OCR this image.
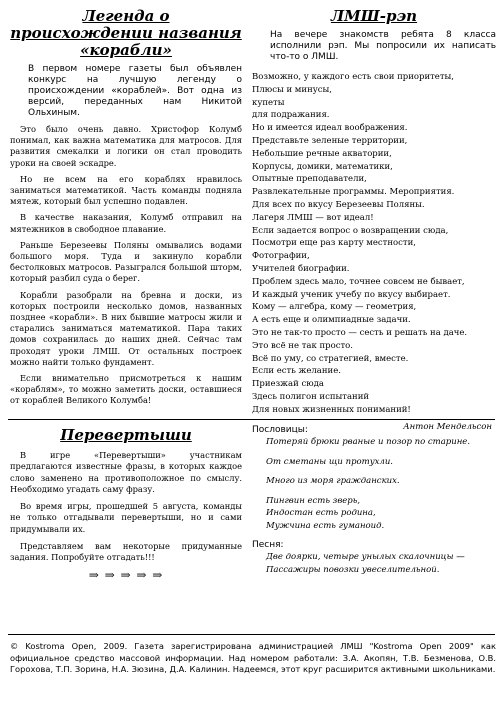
Легенда о происхождении названия «корабли»

В первом номере газеты был объявлен конкурс на лучшую легенду о происхождении «кораблей». Вот одна из версий, переданных нам Никитой Ольхиным.

Это было очень давно. Христофор Колумб понимал, как важна математика для матросов. Для развития смекалки и логики он стал проводить уроки на своей эскадре.

Но не всем на его кораблях нравилось заниматься математикой. Часть команды подняла мятеж, который был успешно подавлен.

В качестве наказания, Колумб отправил на мятежников в свободное плавание.

Раньше Березеевы Поляны омывались водами большого моря. Туда и закинуло корабли бестолковых матросов. Разыгрался большой шторм, который разбил суда о берег.

Корабли разобрали на бревна и доски, из которых построили несколько домов, названных позднее «корабли». В них бывшие матросы жили и старались заниматься математикой. Пара таких домов сохранилась до наших дней. Сейчас там проходят уроки ЛМШ. От остальных построек можно найти только фундамент.

Если внимательно присмотреться к нашим «кораблям», то можно заметить доски, оставшиеся от кораблей Великого Колумба!

ЛМШ-рэп

На вечере знакомств ребята 8 класса исполнили рэп. Мы попросили их написать что-то о ЛМШ.

Возможно, у каждого есть свои приоритеты,
Плюсы и минусы,
купеты
для подражания.
Но и имеется идеал воображения.
Представьте зеленые территории,
Небольшие речные акватории,
Корпусы, домики, математики,
Опытные преподаватели,
Развлекательные программы. Мероприятия.
Для всех по вкусу Березеевы Поляны.
Лагеря ЛМШ — вот идеал!
Если задается вопрос о возвращении сюда,
Посмотри еще раз карту местности,
Фотографии,
Учителей биографии.
Проблем здесь мало, точнее совсем не бывает,
И каждый ученик учебу по вкусу выбирает.
Кому — алгебра, кому — геометрия,
А есть еще и олимпиадные задачи.
Это не так-то просто — сесть и решать на даче.
Это всё не так просто.
Всё по уму, со стратегией, вместе.
Если есть желание.
Приезжай сюда
Здесь полигон испытаний
Для новых жизненных пониманий!

Антон Мендельсон

Перевертыши

В игре «Перевертыши» участникам предлагаются известные фразы, в которых каждое слово заменено на противоположное по смыслу. Необходимо угадать саму фразу.

Во время игры, прошедшей 5 августа, команды не только отгадывали перевертыши, но и сами придумывали их.

Представляем вам некоторые придуманные задания. Попробуйте отгадать!!!

⇒ ⇒ ⇒ ⇒ ⇒
Пословицы:
Потеряй брюки рваные и позор по старине.
От сметаны щи протухли.
Много из моря гражданских.
Пингвин есть зверь,
Индостан есть родина,
Мужчина есть гуманоид.
Песня:
Две доярки, четыре унылых скалочницы —
Пассажиры повозки увеселительной.

© Kostroma Open, 2009. Газета зарегистрирована администрацией ЛМШ "Kostroma Open 2009" как официальное средство массовой информации. Над номером работали: З.А. Акопян, Т.В. Безменова, О.В. Горохова, Т.П. Зорина, Н.А. Зюзина, Д.А. Калинин. Надеемся, этот круг расширится активными школьниками.
